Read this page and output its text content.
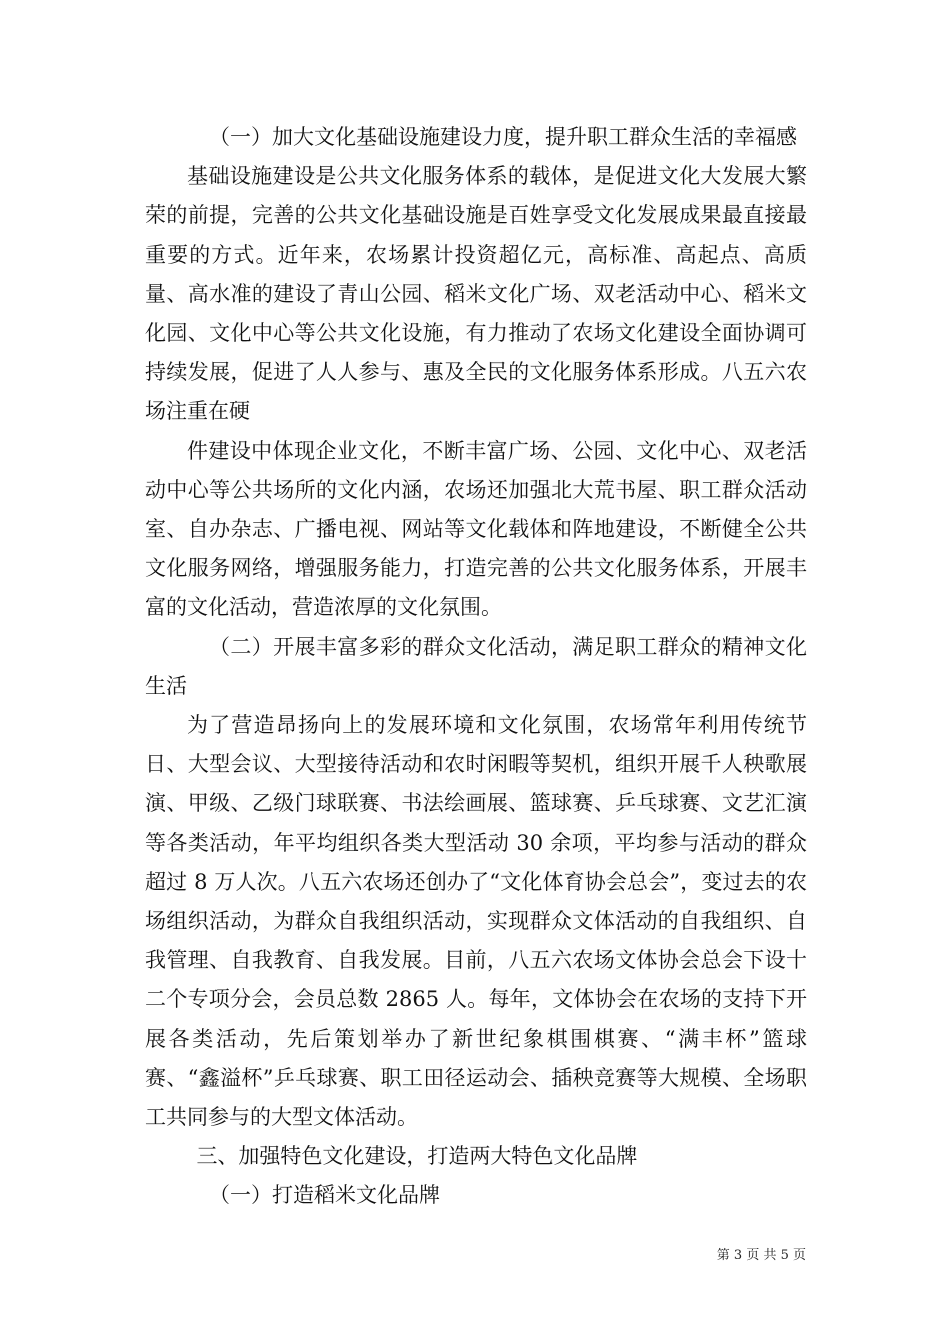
（一）加大文化基础设施建设力度，提升职工群众生活的幸福感

基础设施建设是公共文化服务体系的载体，是促进文化大发展大繁荣的前提，完善的公共文化基础设施是百姓享受文化发展成果最直接最重要的方式。近年来，农场累计投资超亿元，高标准、高起点、高质量、高水准的建设了青山公园、稻米文化广场、双老活动中心、稻米文化园、文化中心等公共文化设施，有力推动了农场文化建设全面协调可持续发展，促进了人人参与、惠及全民的文化服务体系形成。八五六农场注重在硬

件建设中体现企业文化，不断丰富广场、公园、文化中心、双老活动中心等公共场所的文化内涵，农场还加强北大荒书屋、职工群众活动室、自办杂志、广播电视、网站等文化载体和阵地建设，不断健全公共文化服务网络，增强服务能力，打造完善的公共文化服务体系，开展丰富的文化活动，营造浓厚的文化氛围。

（二）开展丰富多彩的群众文化活动，满足职工群众的精神文化生活

为了营造昂扬向上的发展环境和文化氛围，农场常年利用传统节日、大型会议、大型接待活动和农时闲暇等契机，组织开展千人秧歌展演、甲级、乙级门球联赛、书法绘画展、篮球赛、乒乓球赛、文艺汇演等各类活动，年平均组织各类大型活动 30 余项，平均参与活动的群众超过 8 万人次。八五六农场还创办了“文化体育协会总会”，变过去的农场组织活动，为群众自我组织活动，实现群众文体活动的自我组织、自我管理、自我教育、自我发展。目前，八五六农场文体协会总会下设十二个专项分会，会员总数 2865 人。每年，文体协会在农场的支持下开展各类活动，先后策划举办了新世纪象棋围棋赛、“满丰杯”篮球赛、“鑫溢杯”乒乓球赛、职工田径运动会、插秧竞赛等大规模、全场职工共同参与的大型文体活动。

三、加强特色文化建设，打造两大特色文化品牌

（一）打造稻米文化品牌

第 3 页 共 5 页
